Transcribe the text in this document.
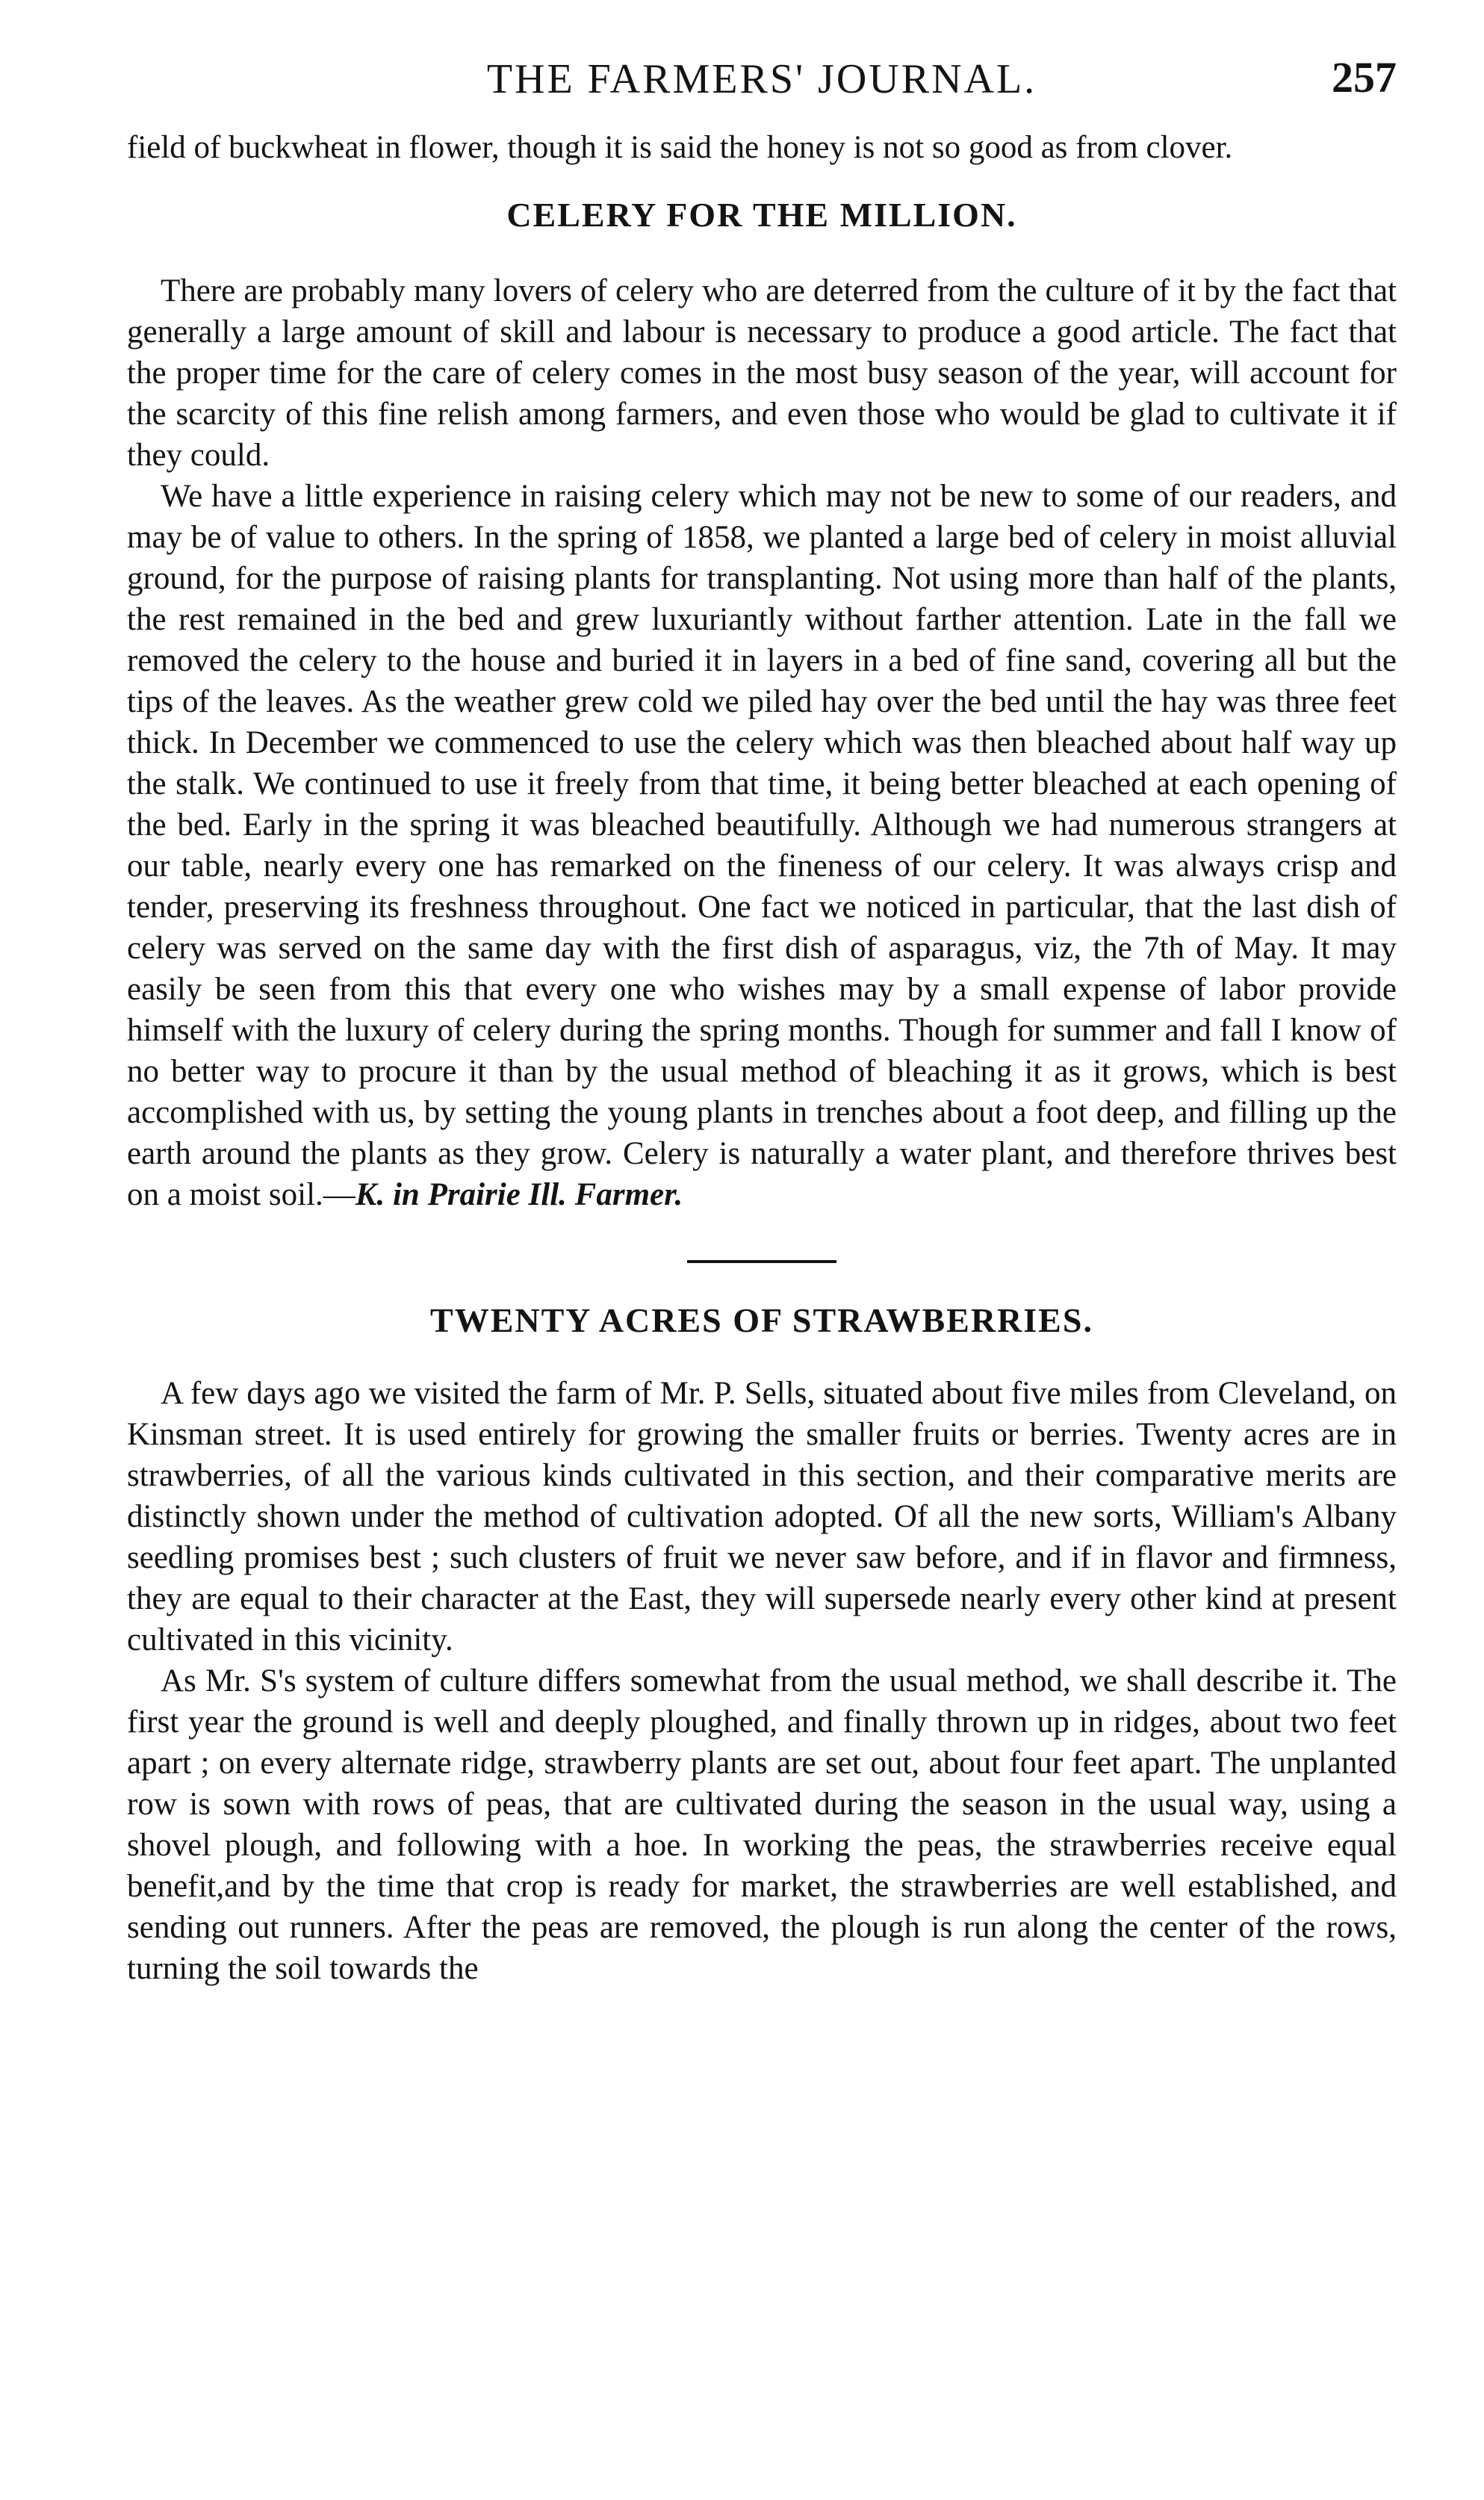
THE FARMERS' JOURNAL.	257

field of buckwheat in flower, though it is said the honey is not so good as from clover.

CELERY FOR THE MILLION.

There are probably many lovers of celery who are deterred from the culture of it by the fact that generally a large amount of skill and labour is necessary to produce a good article. The fact that the proper time for the care of celery comes in the most busy season of the year, will account for the scarcity of this fine relish among farmers, and even those who would be glad to cultivate it if they could.

We have a little experience in raising celery which may not be new to some of our readers, and may be of value to others. In the spring of 1858, we planted a large bed of celery in moist alluvial ground, for the purpose of raising plants for transplanting. Not using more than half of the plants, the rest remained in the bed and grew luxuriantly without farther attention. Late in the fall we removed the celery to the house and buried it in layers in a bed of fine sand, covering all but the tips of the leaves. As the weather grew cold we piled hay over the bed until the hay was three feet thick. In December we commenced to use the celery which was then bleached about half way up the stalk. We continued to use it freely from that time, it being better bleached at each opening of the bed. Early in the spring it was bleached beautifully. Although we had numerous strangers at our table, nearly every one has remarked on the fineness of our celery. It was always crisp and tender, preserving its freshness throughout. One fact we noticed in particular, that the last dish of celery was served on the same day with the first dish of asparagus, viz, the 7th of May. It may easily be seen from this that every one who wishes may by a small expense of labor provide himself with the luxury of celery during the spring months. Though for summer and fall I know of no better way to procure it than by the usual method of bleaching it as it grows, which is best accomplished with us, by setting the young plants in trenches about a foot deep, and filling up the earth around the plants as they grow. Celery is naturally a water plant, and therefore thrives best on a moist soil.—K. in Prairie Ill. Farmer.

TWENTY ACRES OF STRAWBERRIES.

A few days ago we visited the farm of Mr. P. Sells, situated about five miles from Cleveland, on Kinsman street. It is used entirely for growing the smaller fruits or berries. Twenty acres are in strawberries, of all the various kinds cultivated in this section, and their comparative merits are distinctly shown under the method of cultivation adopted. Of all the new sorts, William's Albany seedling promises best ; such clusters of fruit we never saw before, and if in flavor and firmness, they are equal to their character at the East, they will supersede nearly every other kind at present cultivated in this vicinity.

As Mr. S's system of culture differs somewhat from the usual method, we shall describe it. The first year the ground is well and deeply ploughed, and finally thrown up in ridges, about two feet apart ; on every alternate ridge, strawberry plants are set out, about four feet apart. The unplanted row is sown with rows of peas, that are cultivated during the season in the usual way, using a shovel plough, and following with a hoe. In working the peas, the strawberries receive equal benefit,and by the time that crop is ready for market, the strawberries are well established, and sending out runners. After the peas are removed, the plough is run along the center of the rows, turning the soil towards the
